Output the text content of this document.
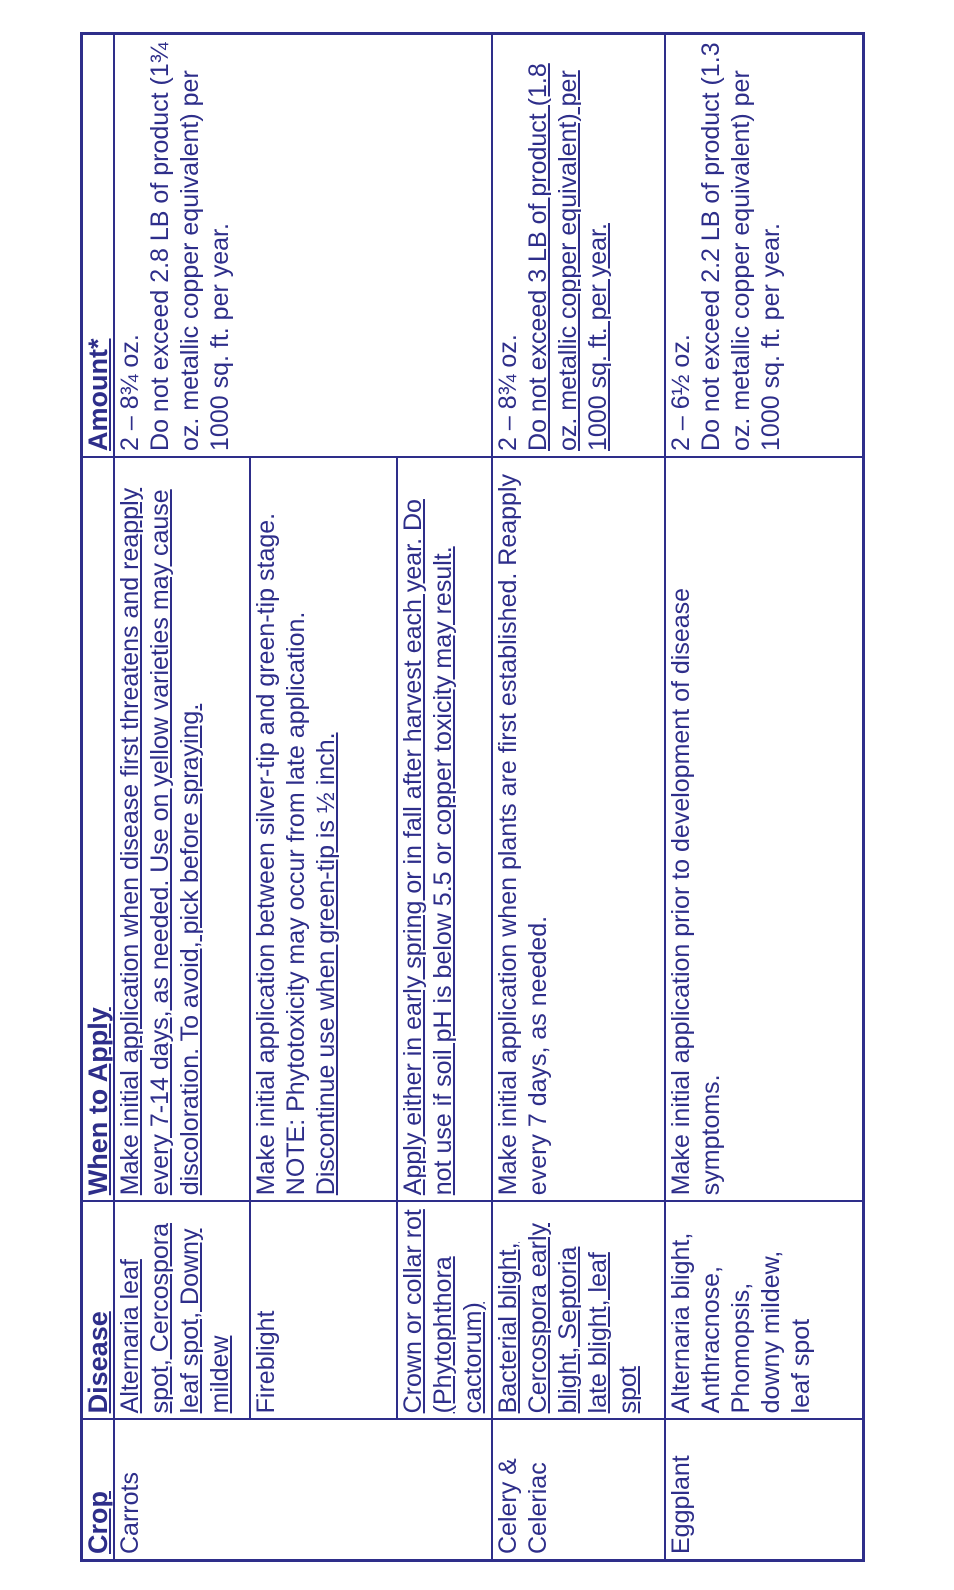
Crop	Disease	When to Apply	Amount*
Carrots	Alternaria leaf spot, Cercospora leaf spot, Downy mildew	Make initial application when disease first threatens and reapply every 7-14 days, as needed. Use on yellow varieties may cause discoloration. To avoid, pick before spraying.	2 – 8¾ oz. Do not exceed 2.8 LB of product (1¾ oz. metallic copper equivalent) per 1000 sq. ft. per year.

	Fireblight	Make initial application between silver-tip and green-tip stage. NOTE: Phytotoxicity may occur from late application. Discontinue use when green-tip is ½ inch.	

	Crown or collar rot (Phytophthora cactorum)	Apply either in early spring or in fall after harvest each year. Do not use if soil pH is below 5.5 or copper toxicity may result.	
Celery & Celeriac	Bacterial blight, Cercospora early blight, Septoria late blight, leaf spot	Make initial application when plants are first established. Reapply every 7 days, as needed.	2 – 8¾ oz. Do not exceed 3 LB of product (1.8 oz. metallic copper equivalent) per 1000 sq. ft. per year.

Eggplant	Alternaria blight, Anthracnose, Phomopsis, downy mildew, leaf spot	Make initial application prior to development of disease symptoms.	2 – 6½ oz. Do not exceed 2.2 LB of product (1.3 oz. metallic copper equivalent) per 1000 sq. ft. per year.
